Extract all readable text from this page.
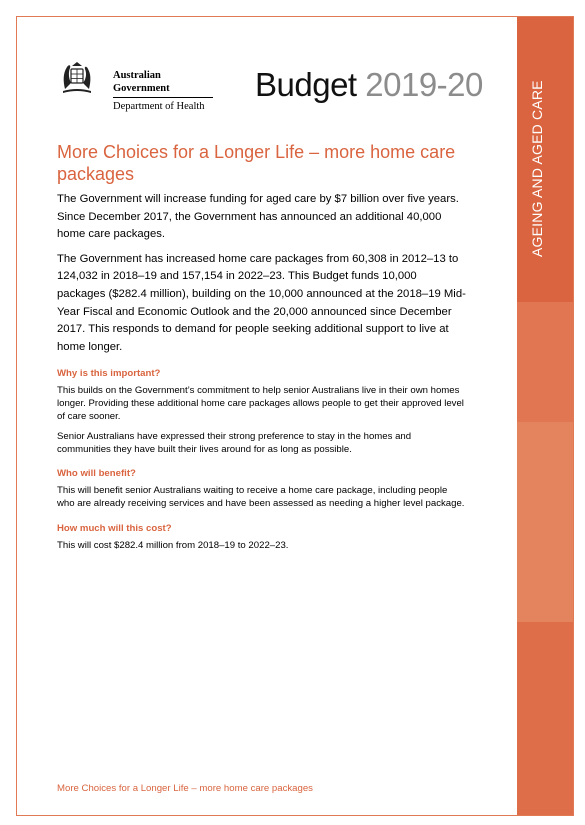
Australian Government
Department of Health
Budget 2019-20
More Choices for a Longer Life – more home care packages

The Government will increase funding for aged care by $7 billion over five years. Since December 2017, the Government has announced an additional 40,000 home care packages.

The Government has increased home care packages from 60,308 in 2012–13 to 124,032 in 2018–19 and 157,154 in 2022–23. This Budget funds 10,000 packages ($282.4 million), building on the 10,000 announced at the 2018–19 Mid-Year Fiscal and Economic Outlook and the 20,000 announced since December 2017. This responds to demand for people seeking additional support to live at home longer.

Why is this important?

This builds on the Government’s commitment to help senior Australians live in their own homes longer. Providing these additional home care packages allows people to get their approved level of care sooner.

Senior Australians have expressed their strong preference to stay in the homes and communities they have built their lives around for as long as possible.

Who will benefit?

This will benefit senior Australians waiting to receive a home care package, including people who are already receiving services and have been assessed as needing a higher level package.

How much will this cost?

This will cost $282.4 million from 2018–19 to 2022–23.

More Choices for a Longer Life – more home care packages
AGEING AND AGED CARE
